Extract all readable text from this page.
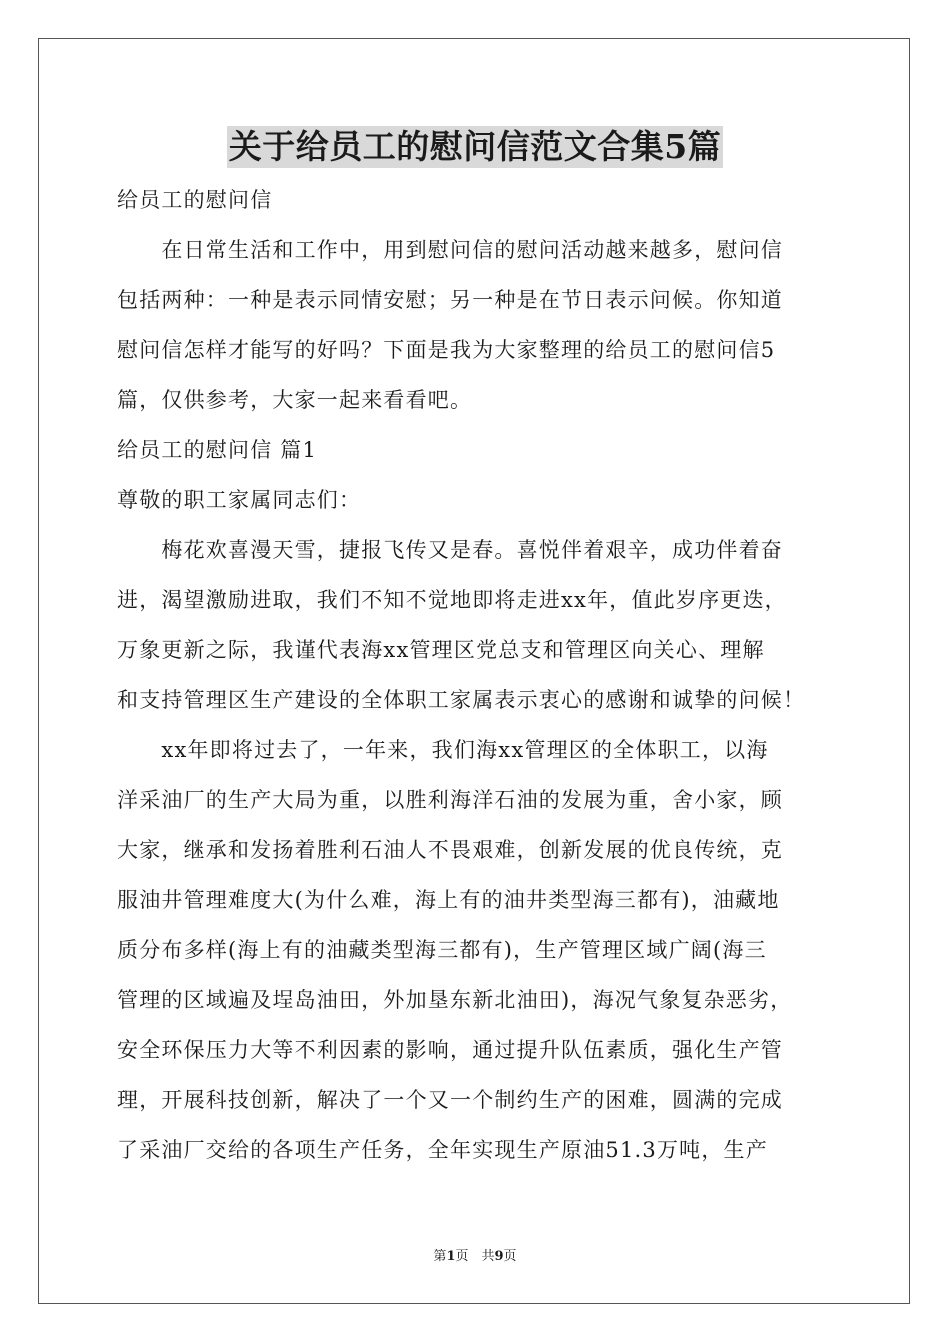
关于给员工的慰问信范文合集5篇
给员工的慰问信
　　在日常生活和工作中，用到慰问信的慰问活动越来越多，慰问信
包括两种：一种是表示同情安慰；另一种是在节日表示问候。你知道
慰问信怎样才能写的好吗？下面是我为大家整理的给员工的慰问信5
篇，仅供参考，大家一起来看看吧。
给员工的慰问信 篇1
尊敬的职工家属同志们：
　　梅花欢喜漫天雪，捷报飞传又是春。喜悦伴着艰辛，成功伴着奋
进，渴望激励进取，我们不知不觉地即将走进xx年，值此岁序更迭，
万象更新之际，我谨代表海xx管理区党总支和管理区向关心、理解
和支持管理区生产建设的全体职工家属表示衷心的感谢和诚挚的问候！
　　xx年即将过去了，一年来，我们海xx管理区的全体职工，以海
洋采油厂的生产大局为重，以胜利海洋石油的发展为重，舍小家，顾
大家，继承和发扬着胜利石油人不畏艰难，创新发展的优良传统，克
服油井管理难度大(为什么难，海上有的油井类型海三都有)，油藏地
质分布多样(海上有的油藏类型海三都有)，生产管理区域广阔(海三
管理的区域遍及埕岛油田，外加垦东新北油田)，海况气象复杂恶劣，
安全环保压力大等不利因素的影响，通过提升队伍素质，强化生产管
理，开展科技创新，解决了一个又一个制约生产的困难，圆满的完成
了采油厂交给的各项生产任务，全年实现生产原油51.3万吨，生产
第1页　共9页
